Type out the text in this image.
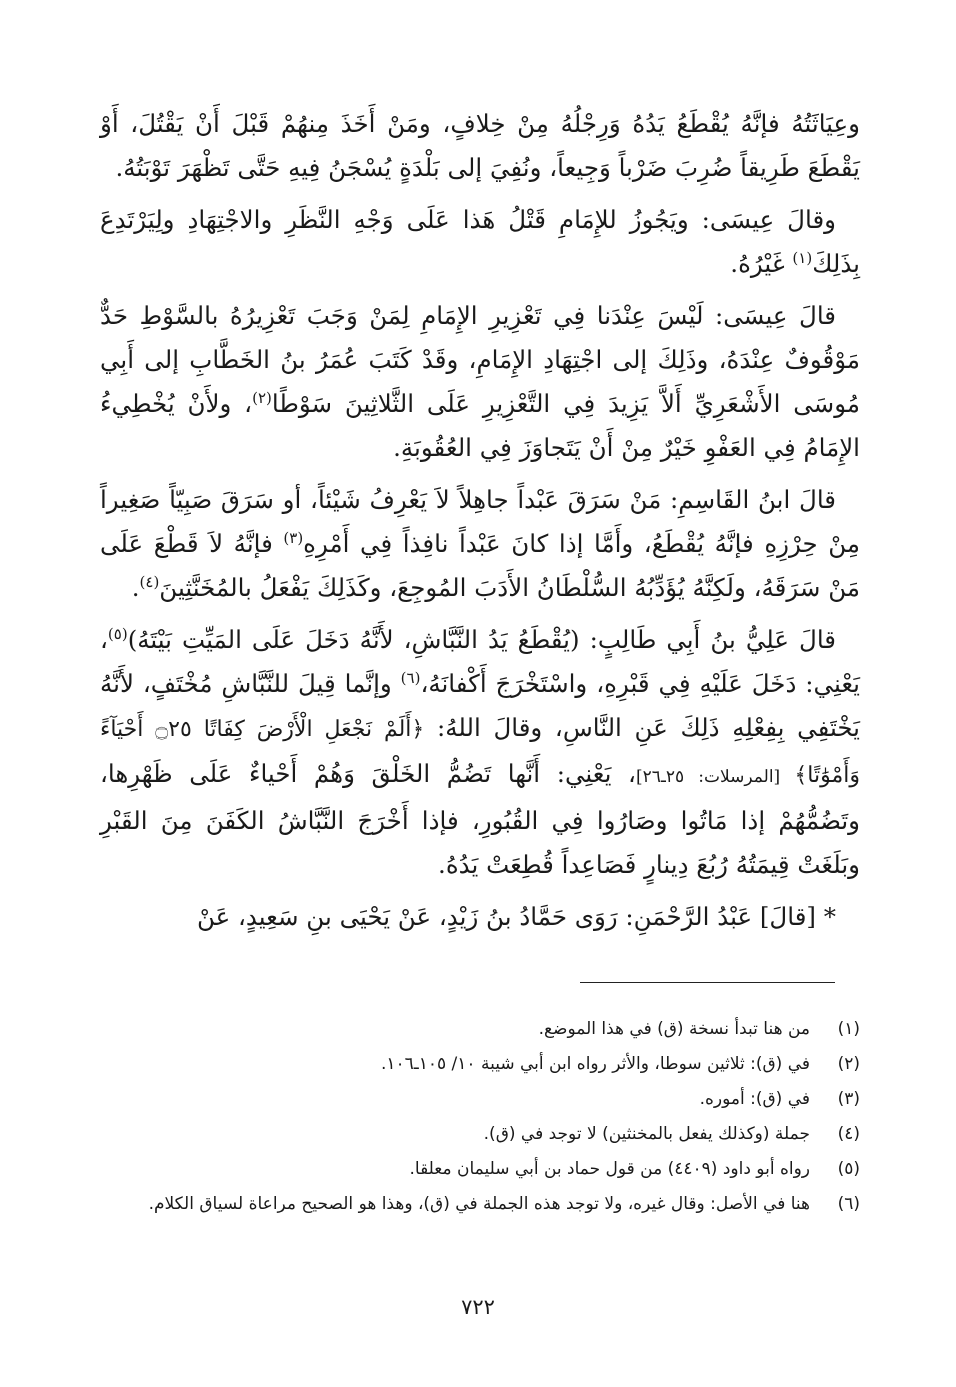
وعِيَاثَتُهُ فإنَّهُ يُقْطَعُ يَدُهُ وَرِجْلُهُ مِنْ خِلافٍ، ومَنْ أَخَذَ مِنهُمْ قَبْلَ أَنْ يَقْتُلَ، أَوْ يَقْطَعَ طَرِيقاً ضُرِبَ ضَرْباً وَجِيعاً، ونُفِيَ إلى بَلْدَةٍ يُسْجَنُ فِيهِ حَتَّى تَظْهَرَ تَوْبَتُهُ.

وقالَ عِيسَى: ويَجُوزُ للإِمَامِ قَتْلُ هَذا عَلَى وَجْهِ النَّظَرِ والاجْتِهَادِ ولِيَرْتَدِعَ بِذَلِكَ$^{(١)}$ غَيْرُهُ.

قالَ عِيسَى: لَيْسَ عِنْدَنا فِي تَعْزِيرِ الإِمَامِ لِمَنْ وَجَبَ تَعْزِيرُهُ بالسَّوْطِ حَدٌّ مَوْقُوفٌ عِنْدَهُ، وذَلِكَ إلى اجْتِهَادِ الإِمَامِ، وقَدْ كَتَبَ عُمَرُ بنُ الخَطَّابِ إلى أَبِي مُوسَى الأَشْعَرِيِّ أَلاَّ يَزِيدَ فِي التَّعْزِيرِ عَلَى الثَّلاثِينَ سَوْطًا$^{(٢)}$، ولأَنْ يُخْطِيءُ الإِمَامُ فِي العَفْوِ خَيْرٌ مِنْ أَنْ يَتَجاوَزَ فِي العُقُوبَةِ.

قالَ ابنُ القَاسِمِ: مَنْ سَرَقَ عَبْداً جاهِلاً لاَ يَعْرِفُ شَيْئاً، أو سَرَقَ صَبِيّاً صَغِيراً مِنْ حِرْزِهِ فإنَّهُ يُقْطَعُ، وأَمَّا إذا كانَ عَبْداً نافِذاً فِي أَمْرِهِ$^{(٣)}$ فإنَّهُ لاَ قَطْعَ عَلَى مَنْ سَرَقَهُ، ولَكِنَّهُ يُؤَدِّبُهُ السُّلْطَانُ الأَدَبَ المُوجِعَ، وكَذَلِكَ يَفْعَلُ بالمُخَنَّثِينَ$^{(٤)}$.

قالَ عَلِيُّ بنُ أَبِي طَالِبٍ: (يُقْطَعُ يَدُ النَّبَّاشِ، لأَنَّهُ دَخَلَ عَلَى المَيِّتِ بَيْتَهُ)$^{(٥)}$، يَعْنِي: دَخَلَ عَلَيْهِ فِي قَبْرِهِ، واسْتَخْرَجَ أَكْفانَهُ،$^{(٦)}$ وإنَّما قِيلَ للنَّبَّاشِ مُخْتَفٍ، لأَنَّهُ يَخْتَفِي بِفِعْلِهِ ذَلِكَ عَنِ النَّاسِ، وقالَ اللهُ: ﴿أَلَمْ نَجْعَلِ الْأَرْضَ كِفَاتًا ۝٢٥ أَحْيَآءً وَأَمْوَٰتًا﴾ [المرسلات: ٢٥ـ٢٦]، يَعْنِي: أَنَّها تَضُمُّ الخَلْقَ وَهُمْ أَحْياءٌ عَلَى ظَهْرِها، وتَضُمُّهُمْ إذا مَاتُوا وصَارُوا فِي القُبُورِ، فإذا أَخْرَجَ النَّبَّاشُ الكَفَنَ مِنَ القَبْرِ وبَلَغَتْ قِيمَتُهُ رُبُعَ دِينارٍ فَصَاعِداً قُطِعَتْ يَدُهُ.

* [قالَ] عَبْدُ الرَّحْمَنِ: رَوَى حَمَّادُ بنُ زَيْدٍ، عَنْ يَحْيَى بنِ سَعِيدٍ، عَنْ

(١)
من هنا تبدأ نسخة (ق) في هذا الموضع.
(٢)
في (ق): ثلاثين سوطا، والأثر رواه ابن أبي شيبة ١٠/ ١٠٥ـ١٠٦.
(٣)
في (ق): أموره.
(٤)
جملة (وكذلك يفعل بالمخنثين) لا توجد في (ق).
(٥)
رواه أبو داود (٤٤٠٩) من قول حماد بن أبي سليمان معلقا.
(٦)
هنا في الأصل: وقال غيره، ولا توجد هذه الجملة في (ق)، وهذا هو الصحيح مراعاة لسياق الكلام.
٧٢٢
